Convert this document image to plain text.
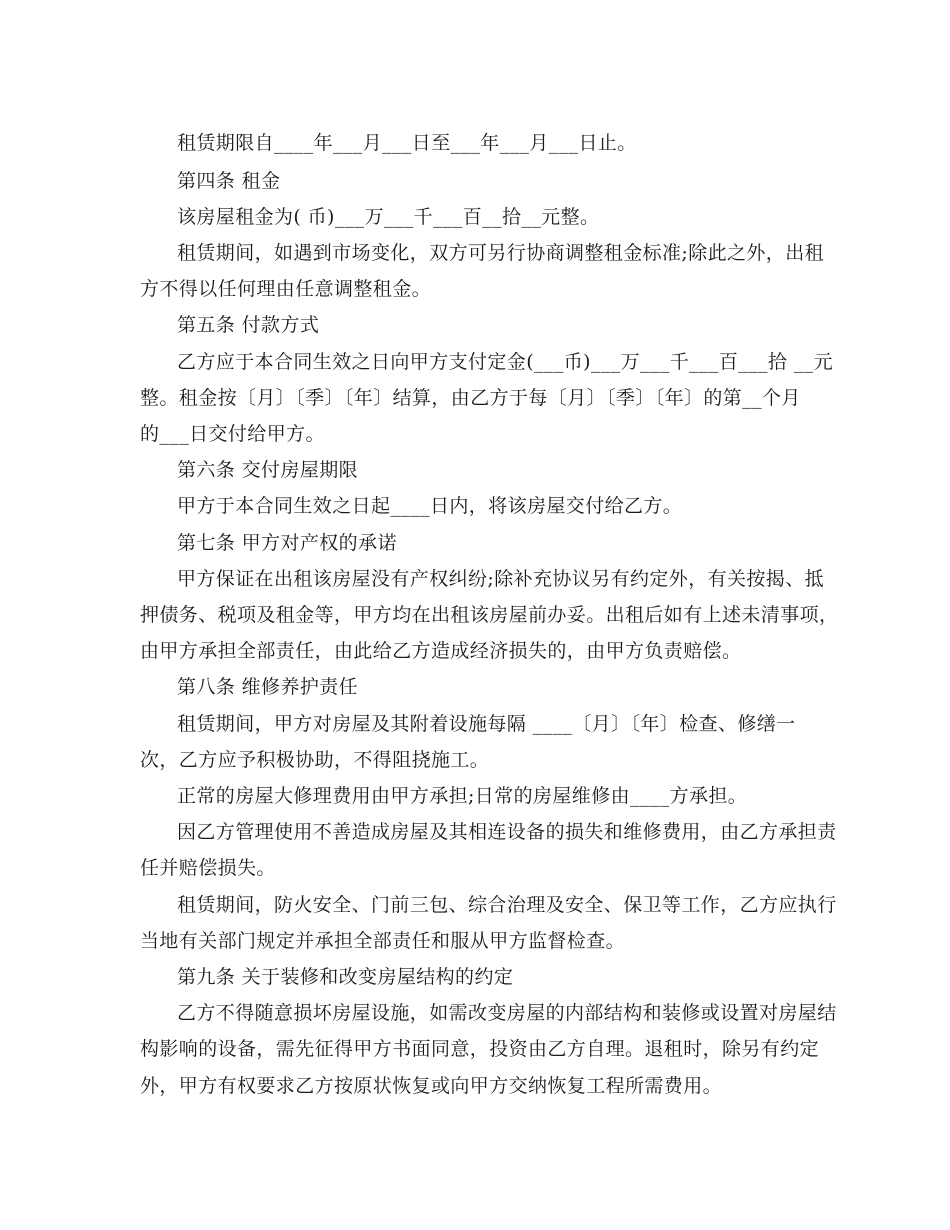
租赁期限自____年___月___日至___年___月___日止。
第四条 租金
该房屋租金为( 币)___万___千___百__拾__元整。
租赁期间，如遇到市场变化，双方可另行协商调整租金标准;除此之外，出租
方不得以任何理由任意调整租金。
第五条 付款方式
乙方应于本合同生效之日向甲方支付定金(___币)___万___千___百___拾 __元
整。租金按〔月〕〔季〕〔年〕结算，由乙方于每〔月〕〔季〕〔年〕的第__个月
的___日交付给甲方。
第六条 交付房屋期限
甲方于本合同生效之日起____日内，将该房屋交付给乙方。
第七条 甲方对产权的承诺
甲方保证在出租该房屋没有产权纠纷;除补充协议另有约定外，有关按揭、抵
押债务、税项及租金等，甲方均在出租该房屋前办妥。出租后如有上述未清事项，
由甲方承担全部责任，由此给乙方造成经济损失的，由甲方负责赔偿。
第八条 维修养护责任
租赁期间，甲方对房屋及其附着设施每隔 ____〔月〕〔年〕检查、修缮一
次，乙方应予积极协助，不得阻挠施工。
正常的房屋大修理费用由甲方承担;日常的房屋维修由____方承担。
因乙方管理使用不善造成房屋及其相连设备的损失和维修费用，由乙方承担责
任并赔偿损失。
租赁期间，防火安全、门前三包、综合治理及安全、保卫等工作，乙方应执行
当地有关部门规定并承担全部责任和服从甲方监督检查。
第九条 关于装修和改变房屋结构的约定
乙方不得随意损坏房屋设施，如需改变房屋的内部结构和装修或设置对房屋结
构影响的设备，需先征得甲方书面同意，投资由乙方自理。退租时，除另有约定
外，甲方有权要求乙方按原状恢复或向甲方交纳恢复工程所需费用。
